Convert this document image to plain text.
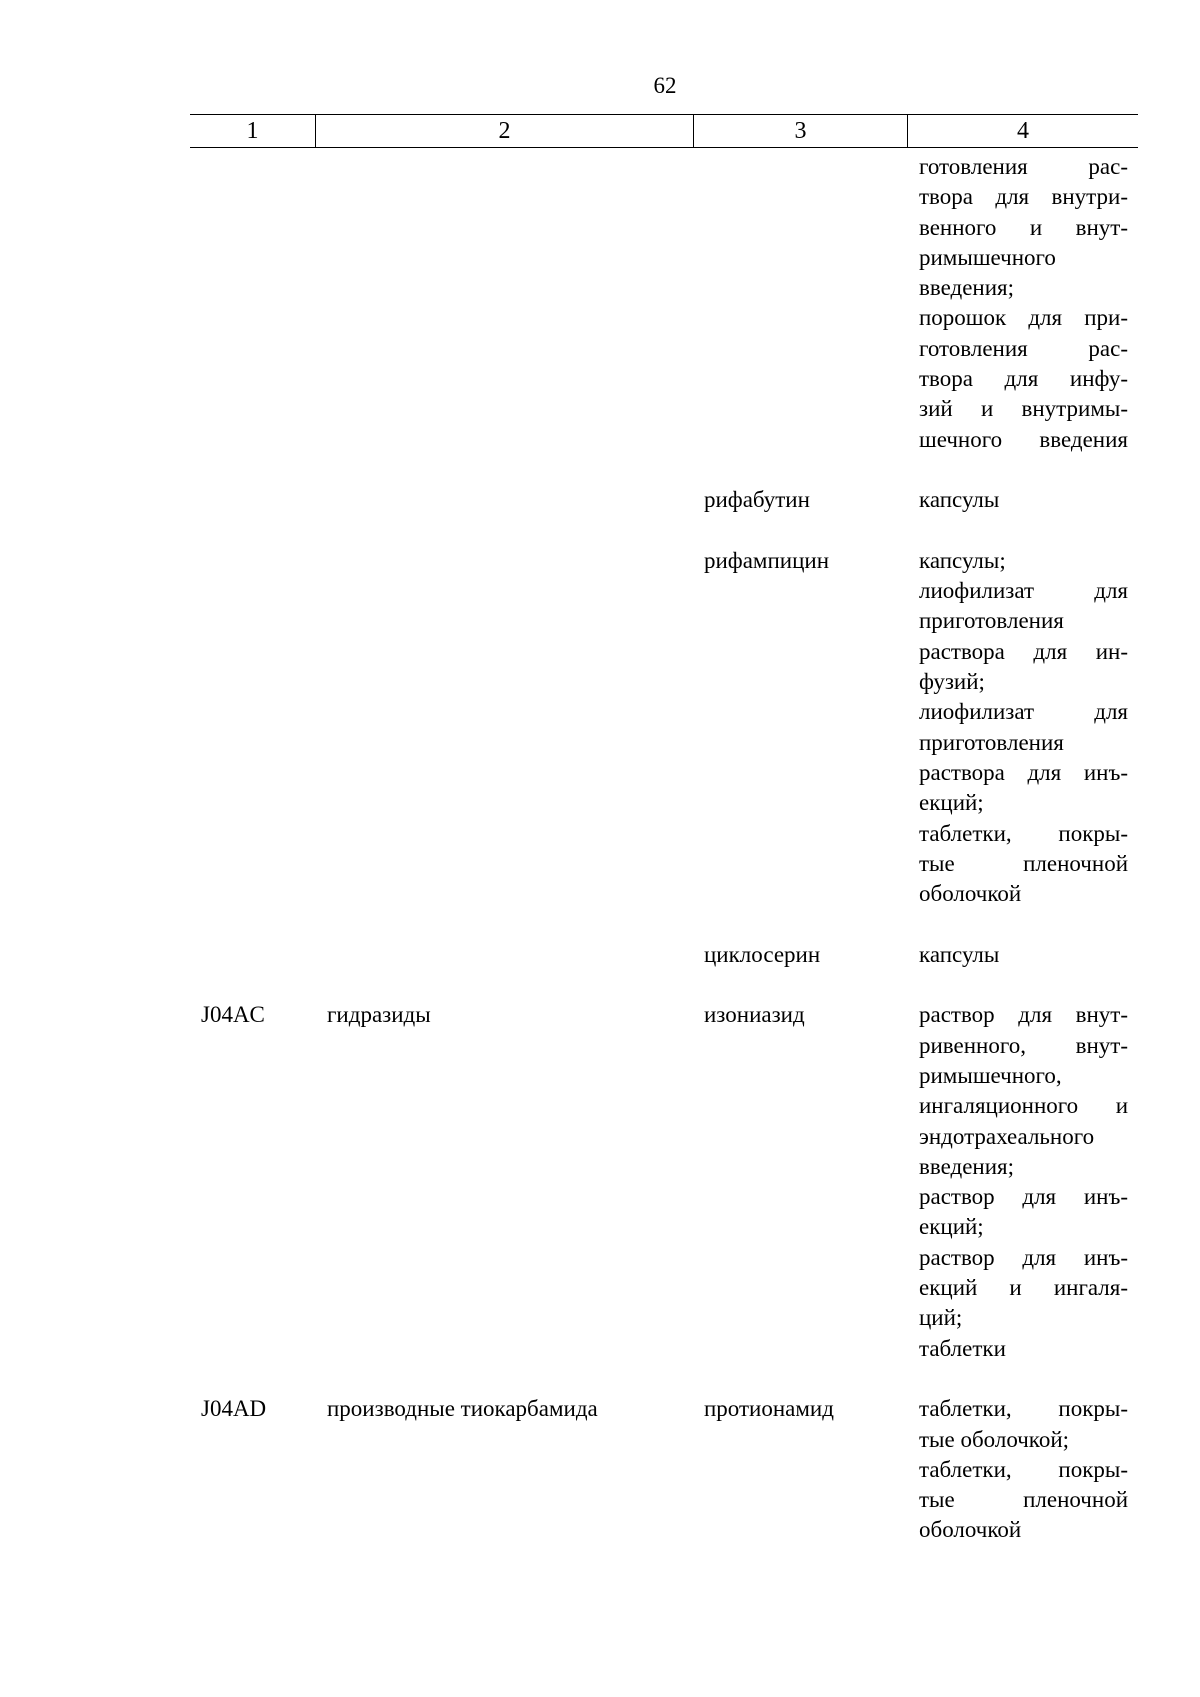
62
1	2	3	4
готовления рас-
твора для внутри-
венного и внут-
римышечного
введения;
порошок для при-
готовления рас-
твора для инфу-
зий и внутримы-
шечного введения
рифабутин	капсулы
рифампицин	капсулы;
лиофилизат для
приготовления
раствора для ин-
фузий;
лиофилизат для
приготовления
раствора для инъ-
екций;
таблетки, покры-
тые пленочной
оболочкой
циклосерин	капсулы
J04AC	гидразиды	изониазид	раствор для внут-
ривенного, внут-
римышечного,
ингаляционного и
эндотрахеального
введения;
раствор для инъ-
екций;
раствор для инъ-
екций и ингаля-
ций;
таблетки
J04AD	производные тиокарбамида	протионамид	таблетки, покры-
тые оболочкой;
таблетки, покры-
тые пленочной
оболочкой
